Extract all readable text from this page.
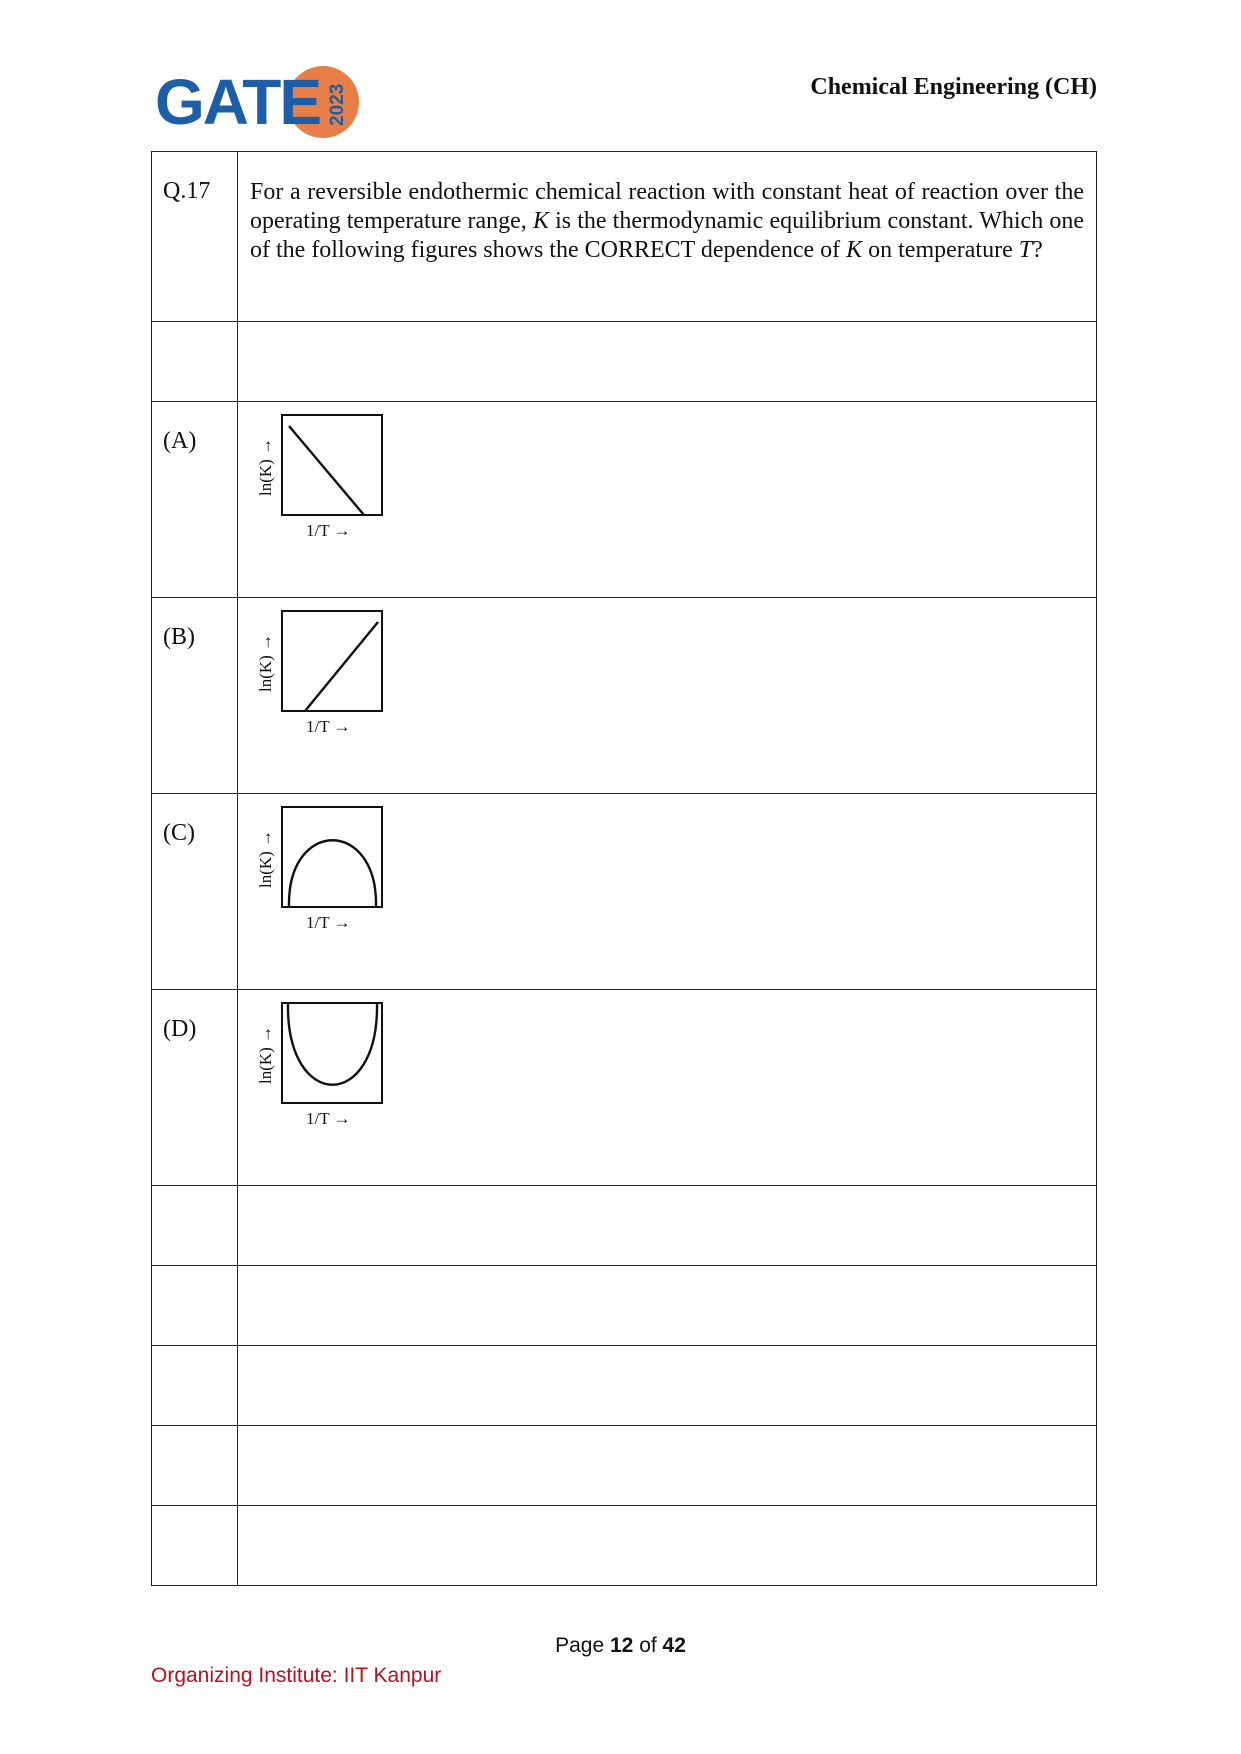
GATE 2023	Chemical Engineering (CH)
Q.17	For a reversible endothermic chemical reaction with constant heat of reaction over the operating temperature range, K is the thermodynamic equilibrium constant. Which one of the following figures shows the CORRECT dependence of K on temperature T?

(A)	ln(K) →
1/T →

(B)	ln(K) →
1/T →

(C)	ln(K) →
1/T →

(D)	ln(K) →
1/T →

Page 12 of 42
Organizing Institute: IIT Kanpur
